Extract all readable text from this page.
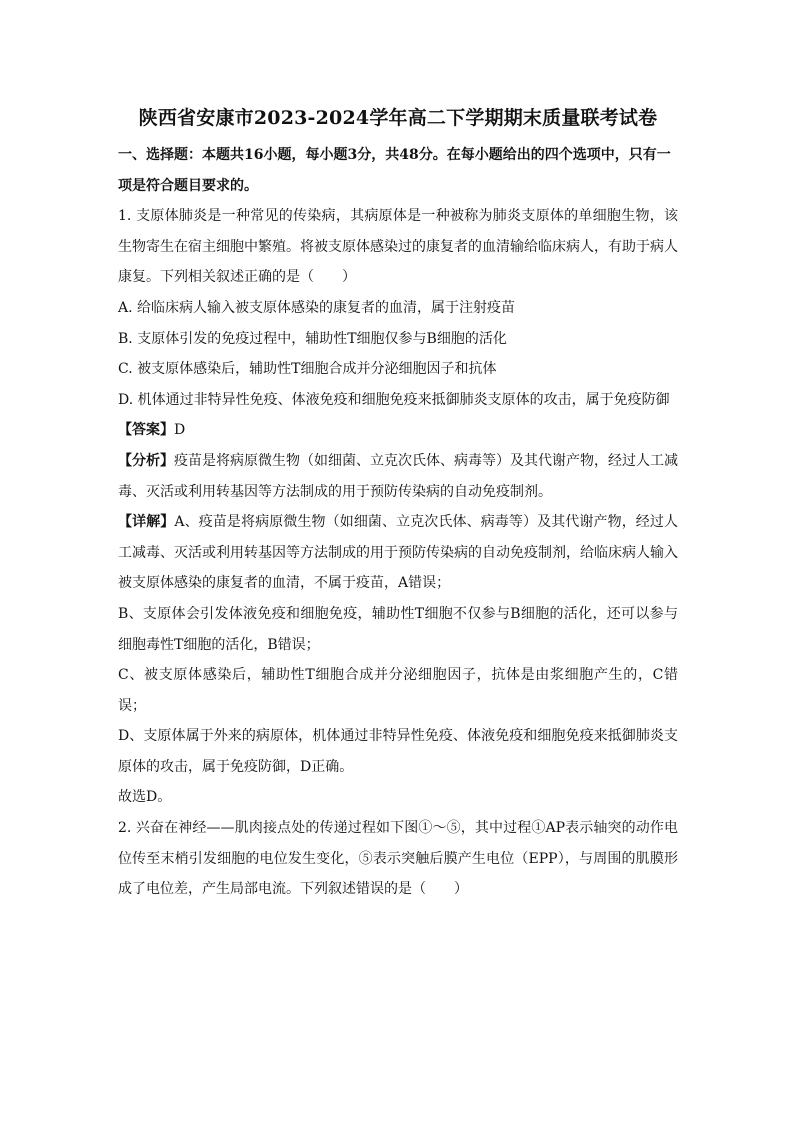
陕西省安康市2023-2024学年高二下学期期末质量联考试卷

一、选择题：本题共16小题，每小题3分，共48分。在每小题给出的四个选项中，只有一项是符合题目要求的。

1. 支原体肺炎是一种常见的传染病，其病原体是一种被称为肺炎支原体的单细胞生物，该生物寄生在宿主细胞中繁殖。将被支原体感染过的康复者的血清输给临床病人，有助于病人康复。下列相关叙述正确的是（　　）

A. 给临床病人输入被支原体感染的康复者的血清，属于注射疫苗

B. 支原体引发的免疫过程中，辅助性T细胞仅参与B细胞的活化

C. 被支原体感染后，辅助性T细胞合成并分泌细胞因子和抗体

D. 机体通过非特异性免疫、体液免疫和细胞免疫来抵御肺炎支原体的攻击，属于免疫防御

【答案】D

【分析】疫苗是将病原微生物（如细菌、立克次氏体、病毒等）及其代谢产物，经过人工减毒、灭活或利用转基因等方法制成的用于预防传染病的自动免疫制剂。

【详解】A、疫苗是将病原微生物（如细菌、立克次氏体、病毒等）及其代谢产物，经过人工减毒、灭活或利用转基因等方法制成的用于预防传染病的自动免疫制剂，给临床病人输入被支原体感染的康复者的血清，不属于疫苗，A错误；

B、支原体会引发体液免疫和细胞免疫，辅助性T细胞不仅参与B细胞的活化，还可以参与细胞毒性T细胞的活化，B错误；

C、被支原体感染后，辅助性T细胞合成并分泌细胞因子，抗体是由浆细胞产生的，C错误；

D、支原体属于外来的病原体，机体通过非特异性免疫、体液免疫和细胞免疫来抵御肺炎支原体的攻击，属于免疫防御，D正确。

故选D。

2. 兴奋在神经——肌肉接点处的传递过程如下图①～⑤，其中过程①AP表示轴突的动作电位传至末梢引发细胞的电位发生变化，⑤表示突触后膜产生电位（EPP），与周围的肌膜形成了电位差，产生局部电流。下列叙述错误的是（　　）
